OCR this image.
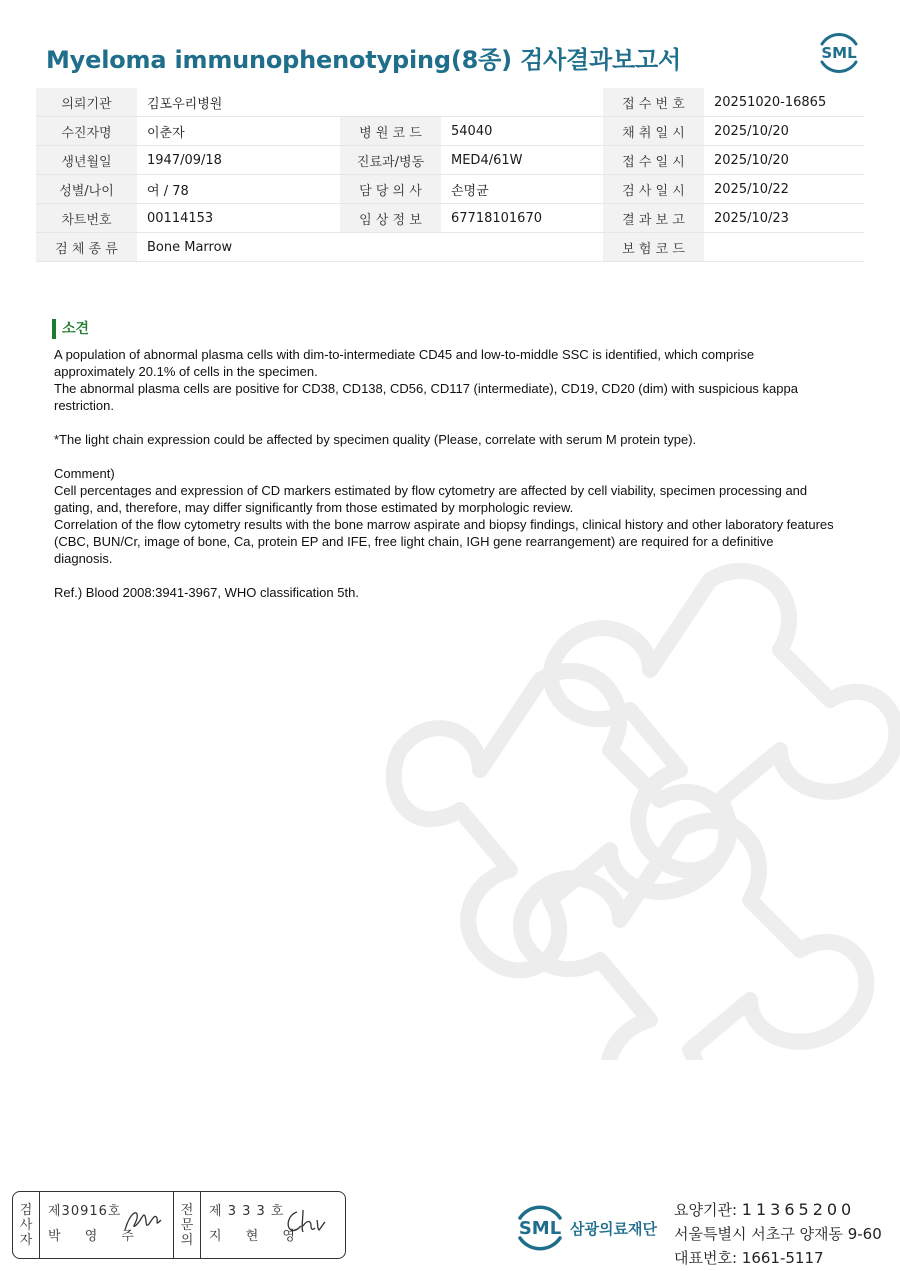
Myeloma immunophenotyping(8종) 검사결과보고서	SML
의뢰기관	김포우리병원			접 수 번 호	20251020-16865
수진자명	이춘자	병 원 코 드	54040	채 취 일 시	2025/10/20
생년월일	1947/09/18	진료과/병동	MED4/61W	접 수 일 시	2025/10/20
성별/나이	여 / 78	담 당 의 사	손명균	검 사 일 시	2025/10/22
차트번호	00114153	임 상 정 보	67718101670	결 과 보 고	2025/10/23
검 체 종 류	Bone Marrow			보 험 코 드	
소견

A population of abnormal plasma cells with dim-to-intermediate CD45 and low-to-middle SSC is identified, which comprise approximately 20.1% of cells in the specimen.

The abnormal plasma cells are positive for CD38, CD138, CD56, CD117 (intermediate), CD19, CD20 (dim) with suspicious kappa restriction.

*The light chain expression could be affected by specimen quality (Please, correlate with serum M protein type).

Comment)

Cell percentages and expression of CD markers estimated by flow cytometry are affected by cell viability, specimen processing and gating, and, therefore, may differ significantly from those estimated by morphologic review.

Correlation of the flow cytometry results with the bone marrow aspirate and biopsy findings, clinical history and other laboratory features (CBC, BUN/Cr, image of bone, Ca, protein EP and IFE, free light chain, IGH gene rearrangement) are required for a definitive diagnosis.

Ref.) Blood 2008:3941-3967, WHO classification 5th.

검
사
자
제30916호
박 영 주
전
문
의
제 3 3 3 호
지 현 영	SML 삼광의료재단
요양기관: 11365200
서울특별시 서초구 양재동 9-60
대표번호: 1661-5117
